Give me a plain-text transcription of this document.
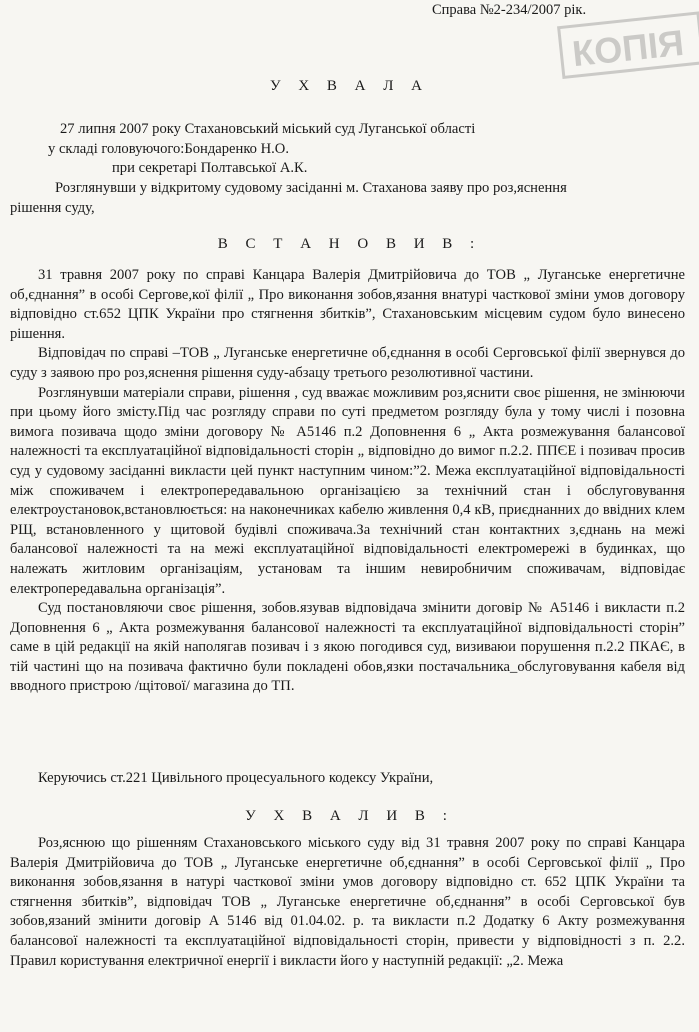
Справа №2-234/2007 рік.
КОПІЯ
У Х В А Л А
27 липня 2007 року Стахановський міський суд Луганської області
у складі головуючого:Бондаренко Н.О.
при секретарі Полтавської А.К.
Розглянувши у відкритому судовому засіданні м. Стаханова заяву про роз,яснення
рішення суду,
В С Т А Н О В И В :

31 травня 2007 року по справі Канцара Валерія Дмитрійовича до ТОВ „ Луганське енергетичне об,єднання” в особі Сергове,кої філії „ Про виконання зобов,язання внатурі часткової зміни умов договору відповідно ст.652 ЦПК України про стягнення збитків”, Стахановським місцевим судом було винесено рішення.

Відповідач по справі –ТОВ „ Луганське енергетичне об,єднання в особі Серговської філії звернувся до суду з заявою про роз,яснення рішення суду-абзацу третього резолютивної частини.

Розглянувши матеріали справи, рішення , суд вважає можливим роз,яснити своє рішення, не змінюючи при цьому його змісту.Під час розгляду справи по суті предметом розгляду була у тому числі і позовна вимога позивача щодо зміни договору № А5146 п.2 Доповнення 6 „ Акта розмежування балансової належності та експлуатаційної відповідальності сторін „ відповідно до вимог п.2.2. ППЄЕ і позивач просив суд у судовому засіданні викласти цей пункт наступним чином:”2. Межа експлуатаційної відповідальності між споживачем і електропередавальною організацією за технічний стан і обслуговування електроустановок,встановлюється: на наконечниках кабелю живлення 0,4 кВ, приєднанних до ввідних клем РЩ, встановленного у щитовой будівлі споживача.За технічний стан контактних з,єднань на межі балансової належності та на межі експлуатаційної відповідальності електромережі в будинках, що належать житловим організаціям, установам та іншим невиробничим споживачам, відповідає електропередавальна організація”.

Суд постановляючи своє рішення, зобов.язував відповідача змінити договір № А5146 і викласти п.2 Доповнення 6 „ Акта розмежування балансової належності та експлуатаційної відповідальності сторін” саме в цій редакції на якій наполягав позивач і з якою погодився суд, визиваюи порушення п.2.2 ПКАЄ, в тій частині що на позивача фактично були покладені обов,язки постачальника_обслуговування кабеля від вводного пристрою /щітової/ магазина до ТП.

Керуючись ст.221 Цивільного процесуального кодексу України,
У Х В А Л И В :

Роз,яснюю що рішенням Стахановського міського суду від 31 травня 2007 року по справі Канцара Валерія Дмитрійовича до ТОВ „ Луганське енергетичне об,єднання” в особі Серговської філії „ Про виконання зобов,язання в натурі часткової зміни умов договору відповідно ст. 652 ЦПК України та стягнення збитків”, відповідач ТОВ „ Луганське енергетичне об,єднання” в особі Серговської був зобов,язаний змінити договір А 5146 від 01.04.02. р. та викласти п.2 Додатку 6 Акту розмежування балансової належності та експлуатаційної відповідальності сторін, привести у відповідності з п. 2.2. Правил користування електричної енергії і викласти його у наступній редакції: „2. Межа
